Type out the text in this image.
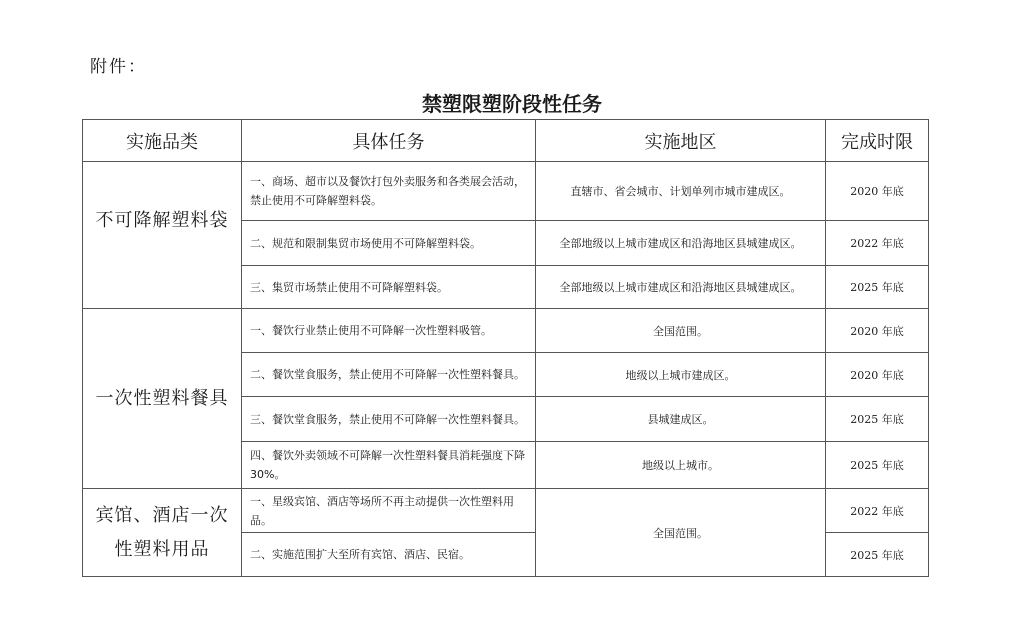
附件：
禁塑限塑阶段性任务
实施品类	具体任务	实施地区	完成时限
不可降解塑料袋	一、商场、超市以及餐饮打包外卖服务和各类展会活动，禁止使用不可降解塑料袋。	直辖市、省会城市、计划单列市城市建成区。	2020 年底
	二、规范和限制集贸市场使用不可降解塑料袋。	全部地级以上城市建成区和沿海地区县城建成区。	2022 年底
	三、集贸市场禁止使用不可降解塑料袋。	全部地级以上城市建成区和沿海地区县城建成区。	2025 年底
一次性塑料餐具	一、餐饮行业禁止使用不可降解一次性塑料吸管。	全国范围。	2020 年底
	二、餐饮堂食服务，禁止使用不可降解一次性塑料餐具。	地级以上城市建成区。	2020 年底
	三、餐饮堂食服务，禁止使用不可降解一次性塑料餐具。	县城建成区。	2025 年底
	四、餐饮外卖领域不可降解一次性塑料餐具消耗强度下降 30%。	地级以上城市。	2025 年底
宾馆、酒店一次性塑料用品	一、星级宾馆、酒店等场所不再主动提供一次性塑料用品。	全国范围。	2022 年底
	二、实施范围扩大至所有宾馆、酒店、民宿。		2025 年底
